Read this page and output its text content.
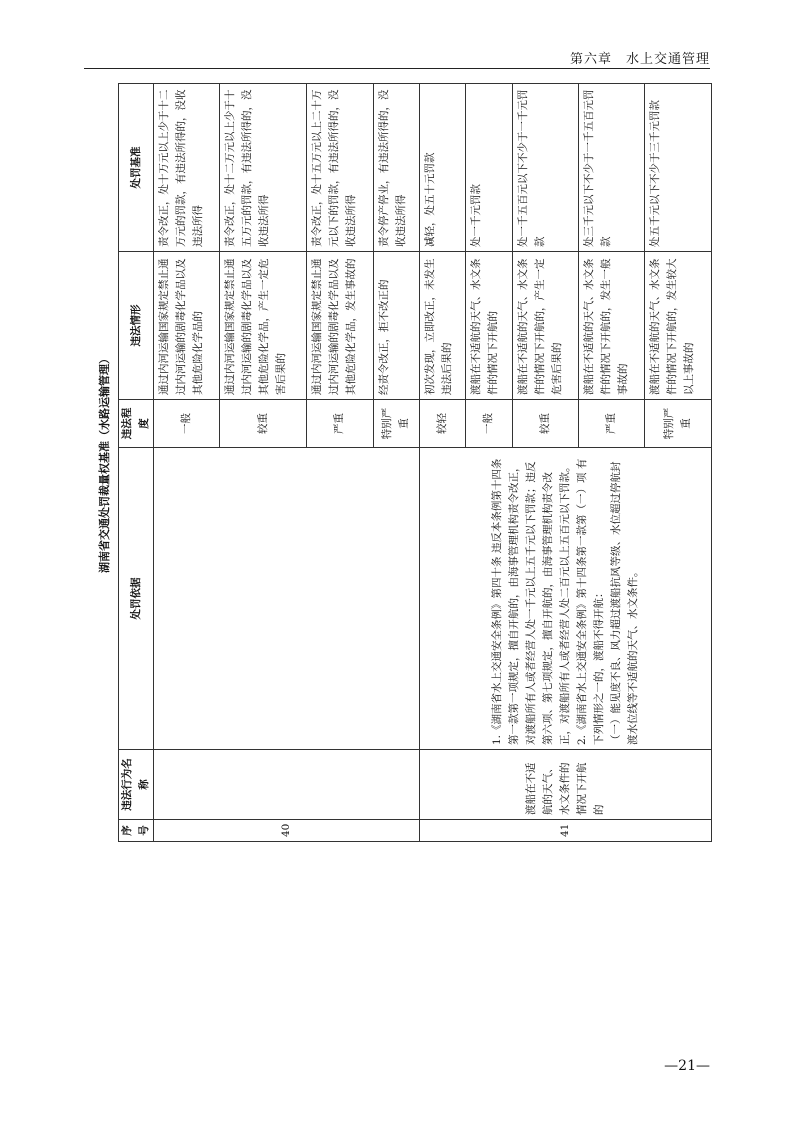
第六章　水上交通管理
湖南省交通处罚裁量权基准（水路运输管理）
序号	违法行为名称	处罚依据	违法程度	违法情形	处罚基准
40			一般	通过内河运输国家规定禁止通过内河运输的剧毒化学品以及其他危险化学品的	责令改正，处十万元以上少于十二万元的罚款，有违法所得的，没收违法所得
			较重	通过内河运输国家规定禁止通过内河运输的剧毒化学品以及其他危险化学品，产生一定危害后果的	责令改正，处十二万元以上少于十五万元的罚款，有违法所得的，没收违法所得
			严重	通过内河运输国家规定禁止通过内河运输的剧毒化学品以及其他危险化学品，发生事故的	责令改正，处十五万元以上二十万元以下的罚款，有违法所得的，没收违法所得
			特别严重	经责令改正，拒不改正的	责令停产停业，有违法所得的，没收违法所得
41	渡船在不适航的天气、水文条件的情况下开航的	1.《湖南省水上交通安全条例》第四十条 违反本条例第十四条第一款第一项规定，擅自开航的，由海事管理机构责令改正，对渡船所有人或者经营人处一千元以上五千元以下罚款；违反第六项、第七项规定，擅自开航的，由海事管理机构责令改正，对渡船所有人或者经营人处二百元以上五百元以下罚款。 2.《湖南省水上交通安全条例》第十四条第一款第（一）项 有下列情形之一的，渡船不得开航： （一）能见度不良、风力超过渡船抗风等级、水位超过停航封渡水位线等不适航的天气、水文条件。	较轻	初次发现，立即改正，未发生违法后果的	减轻，处五十元罚款
			一般	渡船在不适航的天气、水文条件的情况下开航的	处一千元罚款
			较重	渡船在不适航的天气、水文条件的情况下开航的，产生一定危害后果的	处一千五百元以下不少于一千元罚款
			严重	渡船在不适航的天气、水文条件的情况下开航的，发生一般事故的	处三千元以下不少于一千五百元罚款
			特别严重	渡船在不适航的天气、水文条件的情况下开航的，发生较大以上事故的	处五千元以下不少于三千元罚款
—21—
